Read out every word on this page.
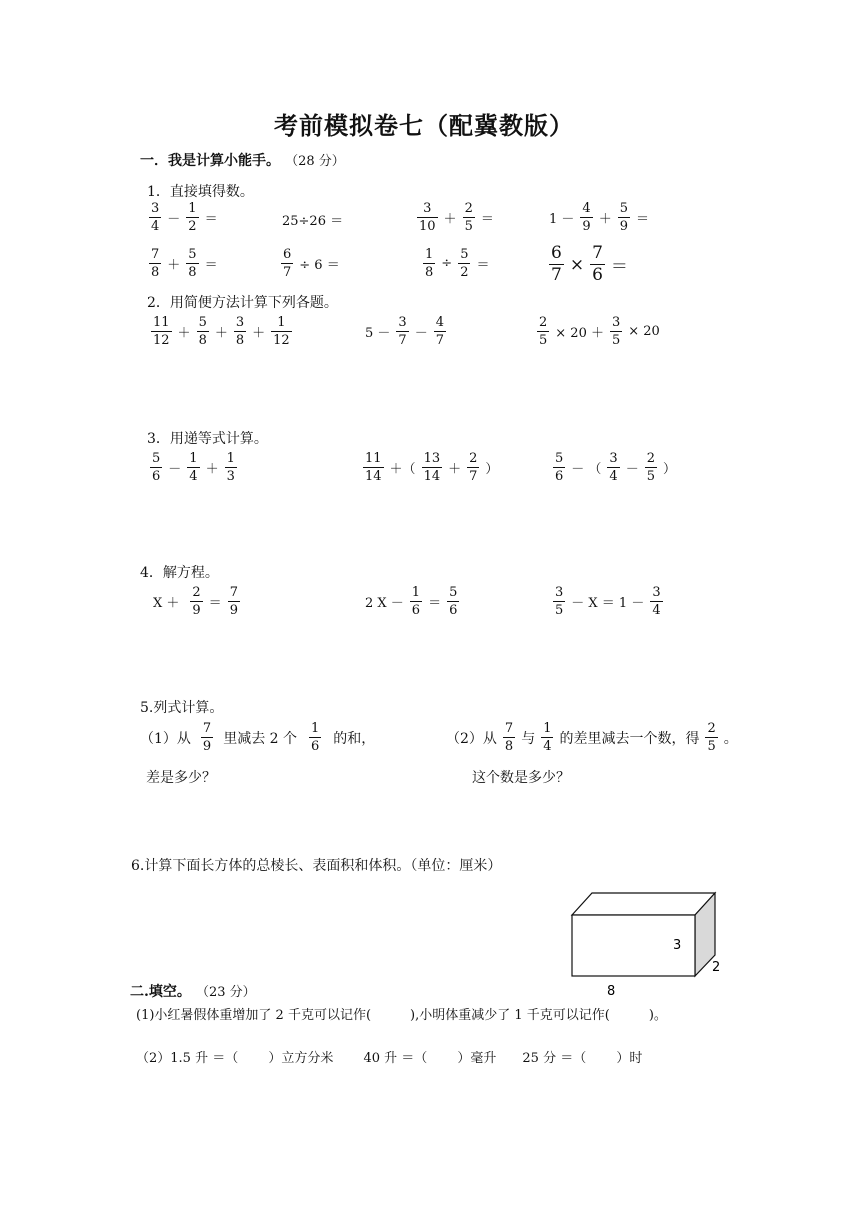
考前模拟卷七（配冀教版）
一．我是计算小能手。 （28 分）
1．直接填得数。
$\frac{3}{4} - \frac{1}{2}$ ＝	25÷26 ＝	$\frac{3}{10} + \frac{2}{5}$ ＝	$1 - \frac{4}{9} + \frac{5}{9}$ ＝
$\frac{7}{8} + \frac{5}{8}$ ＝	$\frac{6}{7} \div 6$ ＝	$\frac{1}{8} \div \frac{5}{2}$ ＝	$\frac{6}{7} \times \frac{7}{6}$ ＝
2．用简便方法计算下列各题。
$\frac{11}{12} + \frac{5}{8} + \frac{3}{8} + \frac{1}{12}$	$5 - \frac{3}{7} - \frac{4}{7}$	$\frac{2}{5} \times 20 + \frac{3}{5} \times 20$
3．用递等式计算。
$\frac{5}{6} - \frac{1}{4} + \frac{1}{3}$	$\frac{11}{14}$ ＋（ $\frac{13}{14} + \frac{2}{7}$ ）	$\frac{5}{6}$ － （ $\frac{3}{4} - \frac{2}{5}$ ）
4．解方程。
$X + \frac{2}{9} = \frac{7}{9}$	2 $X - \frac{1}{6} = \frac{5}{6}$	$\frac{3}{5} - X = 1 - \frac{3}{4}$
5.列式计算。
（1）从 $\frac{7}{9}$ 里减去 2 个 $\frac{1}{6}$ 的和，
差是多少？
（2）从 $\frac{7}{8}$ 与 $\frac{1}{4}$ 的差里减去一个数，得 $\frac{2}{5}$ 。
这个数是多少？
6.计算下面长方体的总棱长、表面积和体积。（单位：厘米）
3
2
8
二.填空。 （23 分）
(1)小红暑假体重增加了 2 千克可以记作(　　　),小明体重减少了 1 千克可以记作(　　　)。
（2）1.5 升 ＝（　　 ）立方分米　　 40 升 ＝（　　 ）毫升　　25 分 ＝（　　 ）时
